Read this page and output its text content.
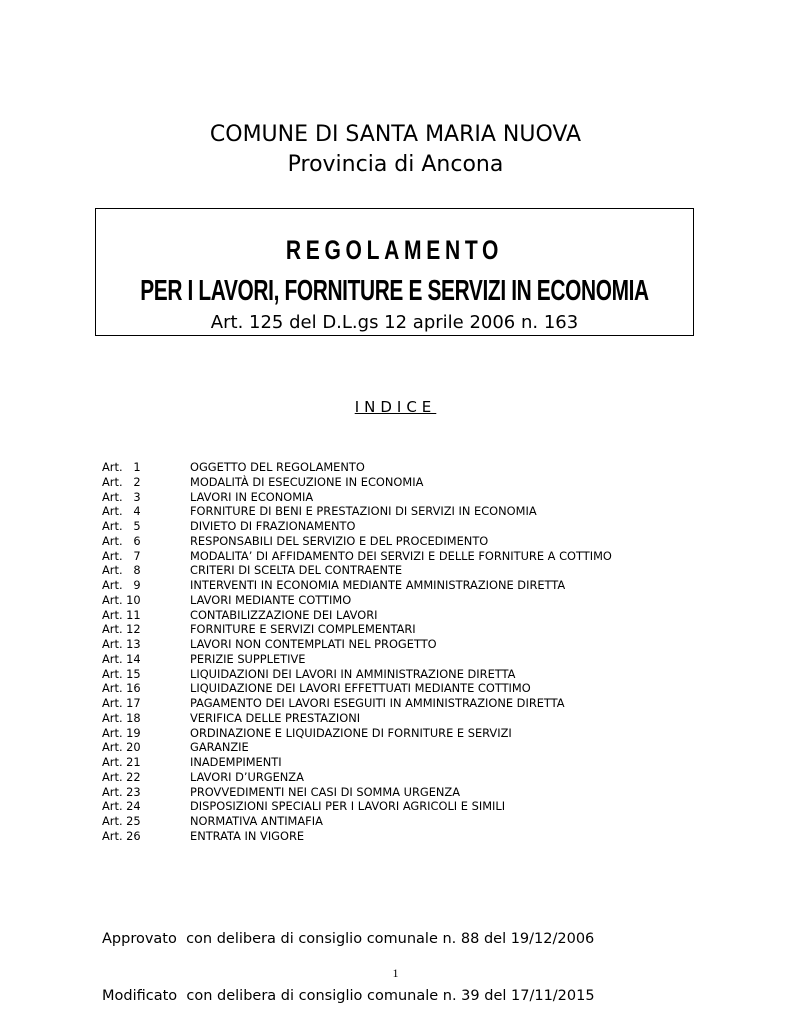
COMUNE DI SANTA MARIA NUOVA
Provincia di Ancona
REGOLAMENTO
PER I LAVORI, FORNITURE E SERVIZI IN ECONOMIA
Art. 125 del D.L.gs 12 aprile 2006 n. 163
INDICE
Art.   1	OGGETTO DEL REGOLAMENTO
Art.   2	MODALITÀ DI ESECUZIONE IN ECONOMIA
Art.   3	LAVORI IN ECONOMIA
Art.   4	FORNITURE DI BENI E PRESTAZIONI DI SERVIZI IN ECONOMIA
Art.   5	DIVIETO DI FRAZIONAMENTO
Art.   6	RESPONSABILI DEL SERVIZIO E DEL PROCEDIMENTO
Art.   7	MODALITA’ DI AFFIDAMENTO DEI SERVIZI E DELLE FORNITURE A COTTIMO
Art.   8	CRITERI DI SCELTA DEL CONTRAENTE
Art.   9	INTERVENTI IN ECONOMIA MEDIANTE AMMINISTRAZIONE DIRETTA
Art. 10	LAVORI MEDIANTE COTTIMO
Art. 11	CONTABILIZZAZIONE DEI LAVORI
Art. 12	FORNITURE E SERVIZI COMPLEMENTARI
Art. 13	LAVORI NON CONTEMPLATI NEL PROGETTO
Art. 14	PERIZIE SUPPLETIVE
Art. 15	LIQUIDAZIONI DEI LAVORI IN AMMINISTRAZIONE DIRETTA
Art. 16	LIQUIDAZIONE DEI LAVORI EFFETTUATI MEDIANTE COTTIMO
Art. 17	PAGAMENTO DEI LAVORI ESEGUITI IN AMMINISTRAZIONE DIRETTA
Art. 18	VERIFICA DELLE PRESTAZIONI
Art. 19	ORDINAZIONE E LIQUIDAZIONE DI FORNITURE E SERVIZI
Art. 20	GARANZIE
Art. 21	INADEMPIMENTI
Art. 22	LAVORI D’URGENZA
Art. 23	PROVVEDIMENTI NEI CASI DI SOMMA URGENZA
Art. 24	DISPOSIZIONI SPECIALI PER I LAVORI AGRICOLI E SIMILI
Art. 25	NORMATIVA ANTIMAFIA
Art. 26	ENTRATA IN VIGORE

Approvato  con delibera di consiglio comunale n. 88 del 19/12/2006

Modificato  con delibera di consiglio comunale n. 39 del 17/11/2015

1
